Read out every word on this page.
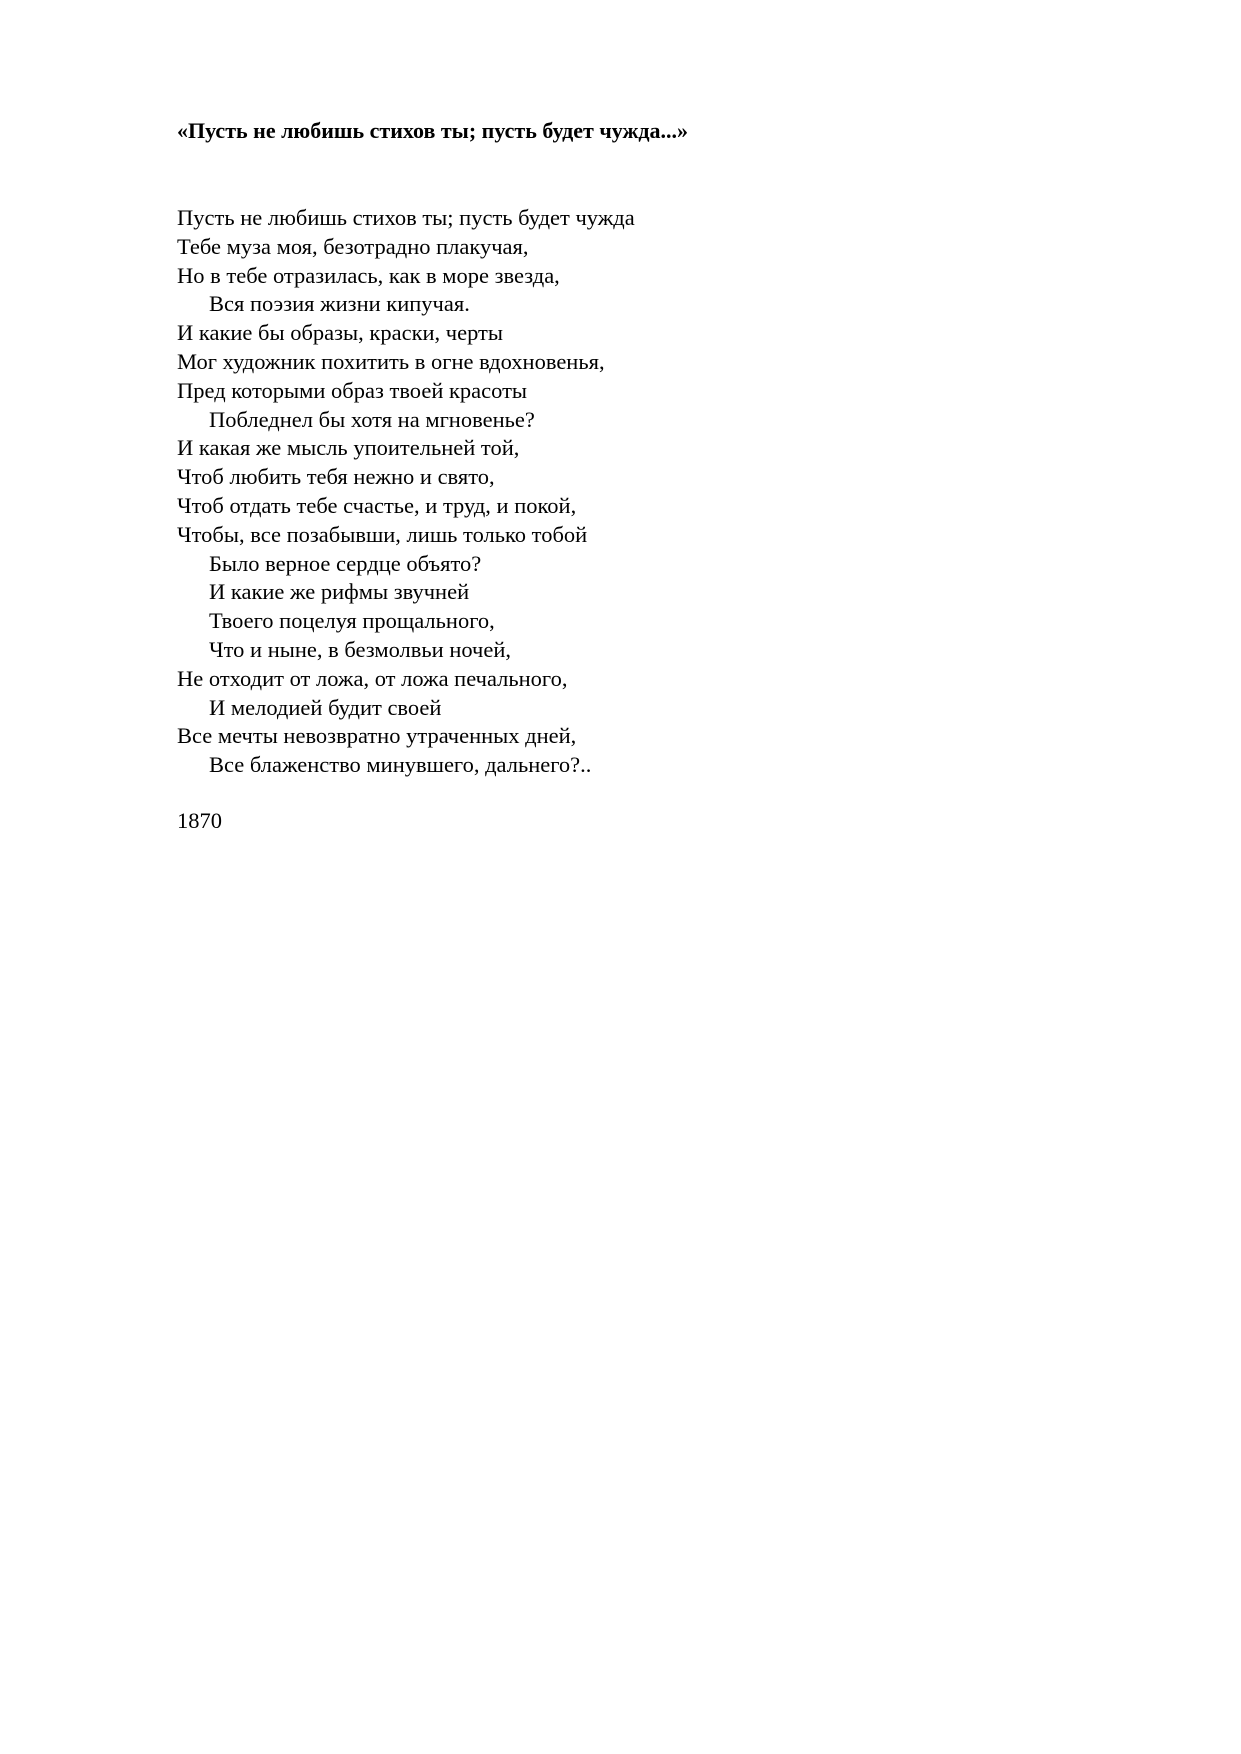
«Пусть не любишь стихов ты; пусть будет чужда...»
Пусть не любишь стихов ты; пусть будет чужда
Тебе муза моя, безотрадно плакучая,
Но в тебе отразилась, как в море звезда,
Вся поэзия жизни кипучая.
И какие бы образы, краски, черты
Мог художник похитить в огне вдохновенья,
Пред которыми образ твоей красоты
Побледнел бы хотя на мгновенье?
И какая же мысль упоительней той,
Чтоб любить тебя нежно и свято,
Чтоб отдать тебе счастье, и труд, и покой,
Чтобы, все позабывши, лишь только тобой
Было верное сердце объято?
И какие же рифмы звучней
Твоего поцелуя прощального,
Что и ныне, в безмолвьи ночей,
Не отходит от ложа, от ложа печального,
И мелодией будит своей
Все мечты невозвратно утраченных дней,
Все блаженство минувшего, дальнего?..

1870
